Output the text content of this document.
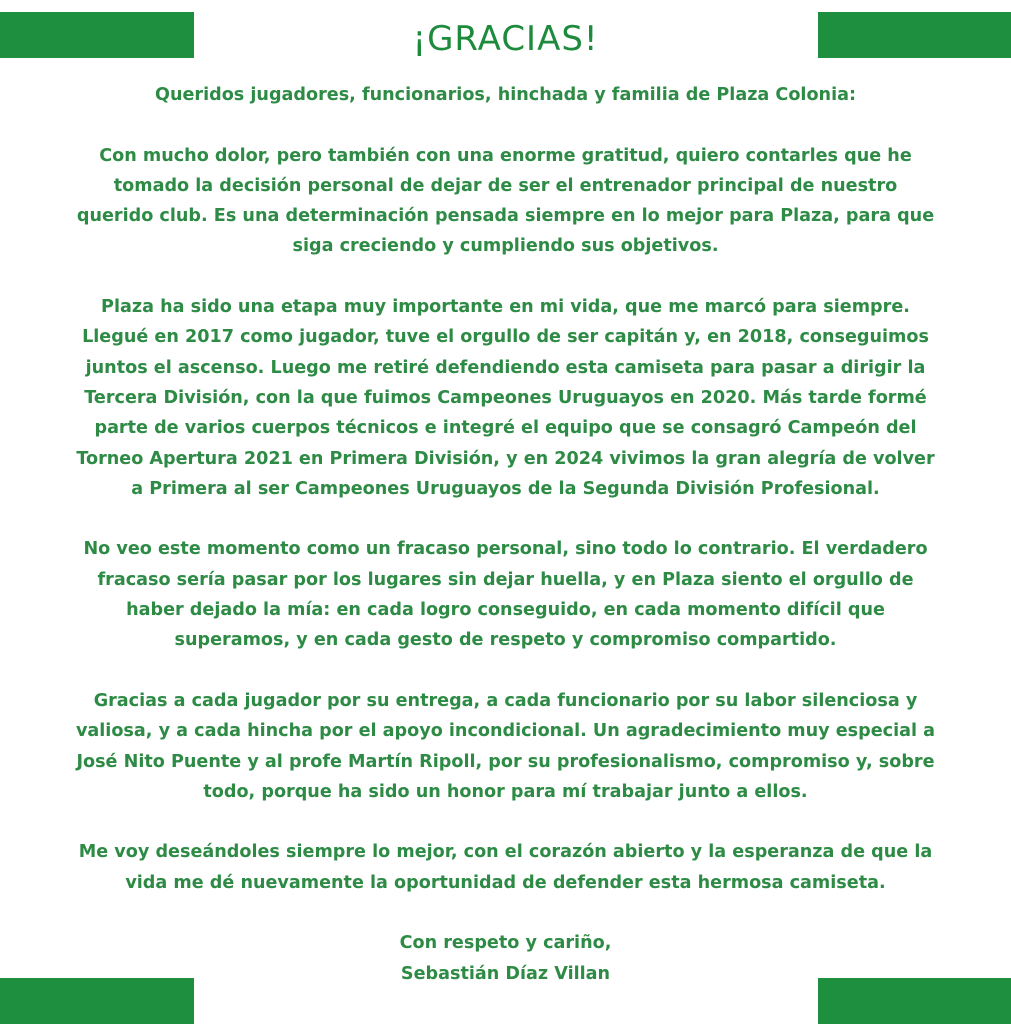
¡GRACIAS!

Queridos jugadores, funcionarios, hinchada y familia de Plaza Colonia:

Con mucho dolor, pero también con una enorme gratitud, quiero contarles que he
tomado la decisión personal de dejar de ser el entrenador principal de nuestro
querido club. Es una determinación pensada siempre en lo mejor para Plaza, para que
siga creciendo y cumpliendo sus objetivos.

Plaza ha sido una etapa muy importante en mi vida, que me marcó para siempre.
Llegué en 2017 como jugador, tuve el orgullo de ser capitán y, en 2018, conseguimos
juntos el ascenso. Luego me retiré defendiendo esta camiseta para pasar a dirigir la
Tercera División, con la que fuimos Campeones Uruguayos en 2020. Más tarde formé
parte de varios cuerpos técnicos e integré el equipo que se consagró Campeón del
Torneo Apertura 2021 en Primera División, y en 2024 vivimos la gran alegría de volver
a Primera al ser Campeones Uruguayos de la Segunda División Profesional.

No veo este momento como un fracaso personal, sino todo lo contrario. El verdadero
fracaso sería pasar por los lugares sin dejar huella, y en Plaza siento el orgullo de
haber dejado la mía: en cada logro conseguido, en cada momento difícil que
superamos, y en cada gesto de respeto y compromiso compartido.

Gracias a cada jugador por su entrega, a cada funcionario por su labor silenciosa y
valiosa, y a cada hincha por el apoyo incondicional. Un agradecimiento muy especial a
José Nito Puente y al profe Martín Ripoll, por su profesionalismo, compromiso y, sobre
todo, porque ha sido un honor para mí trabajar junto a ellos.

Me voy deseándoles siempre lo mejor, con el corazón abierto y la esperanza de que la
vida me dé nuevamente la oportunidad de defender esta hermosa camiseta.

Con respeto y cariño,
Sebastián Díaz Villan
